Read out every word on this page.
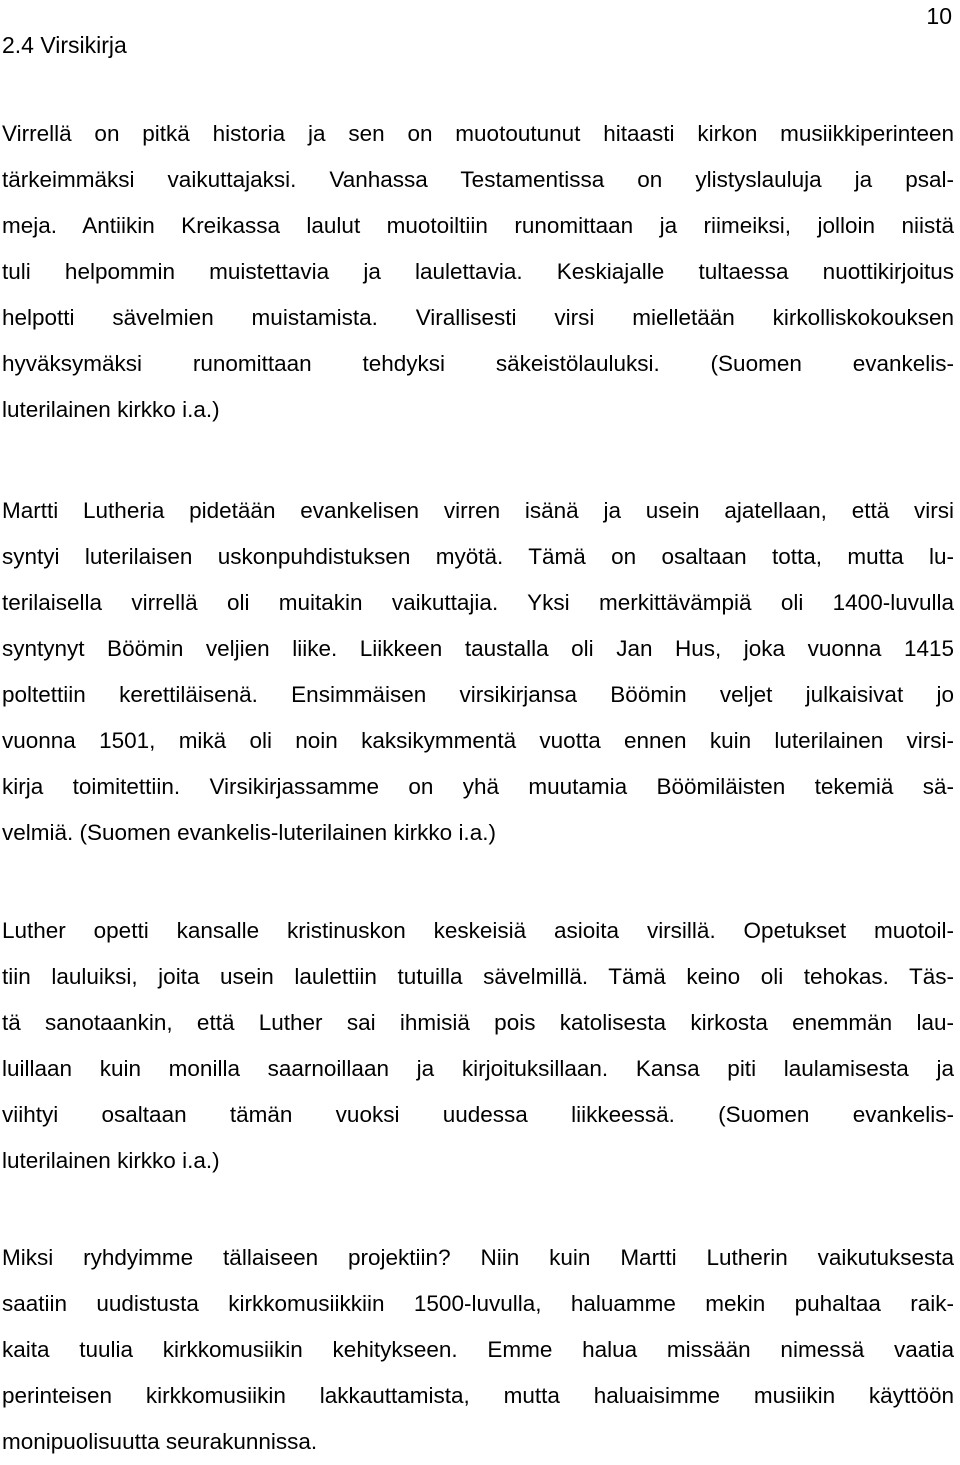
10
2.4 Virsikirja
Virrellä on pitkä historia ja sen on muotoutunut hitaasti kirkon musiikkiperinteen
tärkeimmäksi vaikuttajaksi. Vanhassa Testamentissa on ylistyslauluja ja psal-
meja. Antiikin Kreikassa laulut muotoiltiin runomittaan ja riimeiksi, jolloin niistä
tuli helpommin muistettavia ja laulettavia. Keskiajalle tultaessa nuottikirjoitus
helpotti sävelmien muistamista. Virallisesti virsi mielletään kirkolliskokouksen
hyväksymäksi runomittaan tehdyksi säkeistölauluksi. (Suomen evankelis-
luterilainen kirkko i.a.)
Martti Lutheria pidetään evankelisen virren isänä ja usein ajatellaan, että virsi
syntyi luterilaisen uskonpuhdistuksen myötä. Tämä on osaltaan totta, mutta lu-
terilaisella virrellä oli muitakin vaikuttajia. Yksi merkittävämpiä oli 1400-luvulla
syntynyt Böömin veljien liike. Liikkeen taustalla oli Jan Hus, joka vuonna 1415
poltettiin kerettiläisenä. Ensimmäisen virsikirjansa Böömin veljet julkaisivat jo
vuonna 1501, mikä oli noin kaksikymmentä vuotta ennen kuin luterilainen virsi-
kirja toimitettiin. Virsikirjassamme on yhä muutamia Böömiläisten tekemiä sä-
velmiä. (Suomen evankelis-luterilainen kirkko i.a.)
Luther opetti kansalle kristinuskon keskeisiä asioita virsillä. Opetukset muotoil-
tiin lauluiksi, joita usein laulettiin tutuilla sävelmillä. Tämä keino oli tehokas. Täs-
tä sanotaankin, että Luther sai ihmisiä pois katolisesta kirkosta enemmän lau-
luillaan kuin monilla saarnoillaan ja kirjoituksillaan. Kansa piti laulamisesta ja
viihtyi osaltaan tämän vuoksi uudessa liikkeessä. (Suomen evankelis-
luterilainen kirkko i.a.)
Miksi ryhdyimme tällaiseen projektiin? Niin kuin Martti Lutherin vaikutuksesta
saatiin uudistusta kirkkomusiikkiin 1500-luvulla, haluamme mekin puhaltaa raik-
kaita tuulia kirkkomusiikin kehitykseen. Emme halua missään nimessä vaatia
perinteisen kirkkomusiikin lakkauttamista, mutta haluaisimme musiikin käyttöön
monipuolisuutta seurakunnissa.
